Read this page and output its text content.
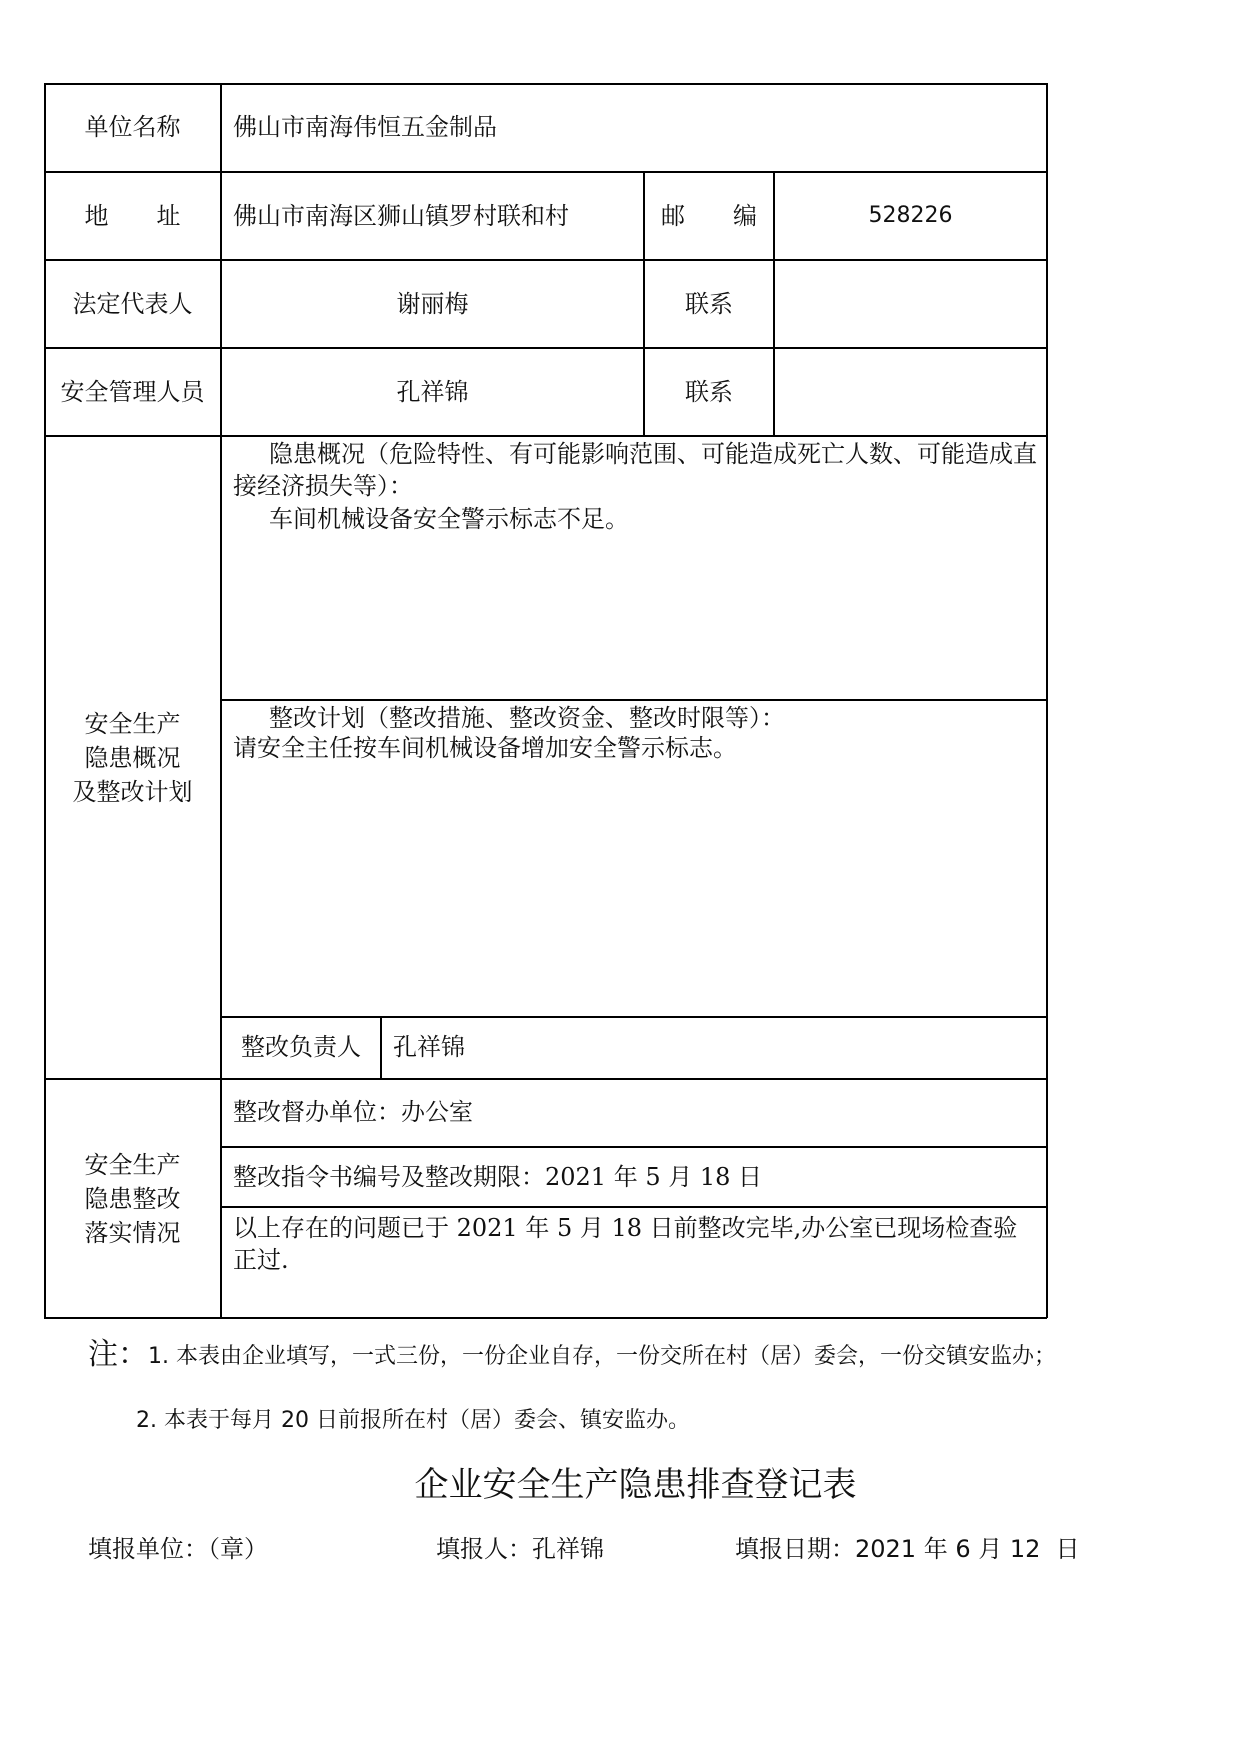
单位名称	佛山市南海伟恒五金制品
地　　址	佛山市南海区狮山镇罗村联和村	邮　　编	528226
法定代表人	谢丽梅	联系
安全管理人员	孔祥锦	联系
安全生产
隐患概况
及整改计划
隐患概况（危险特性、有可能影响范围、可能造成死亡人数、可能造成直接经济损失等）：
车间机械设备安全警示标志不足。
整改计划（整改措施、整改资金、整改时限等）：
请安全主任按车间机械设备增加安全警示标志。
整改负责人	孔祥锦
安全生产
隐患整改
落实情况
整改督办单位：办公室
整改指令书编号及整改期限：2021 年 5 月 18 日
以上存在的问题已于 2021 年 5 月 18 日前整改完毕,办公室已现场检查验正过.
注： 1. 本表由企业填写，一式三份，一份企业自存，一份交所在村（居）委会，一份交镇安监办；
2. 本表于每月 20 日前报所在村（居）委会、镇安监办。
企业安全生产隐患排查登记表
填报单位：（章）	填报人：孔祥锦	填报日期：2021 年 6 月 12  日
